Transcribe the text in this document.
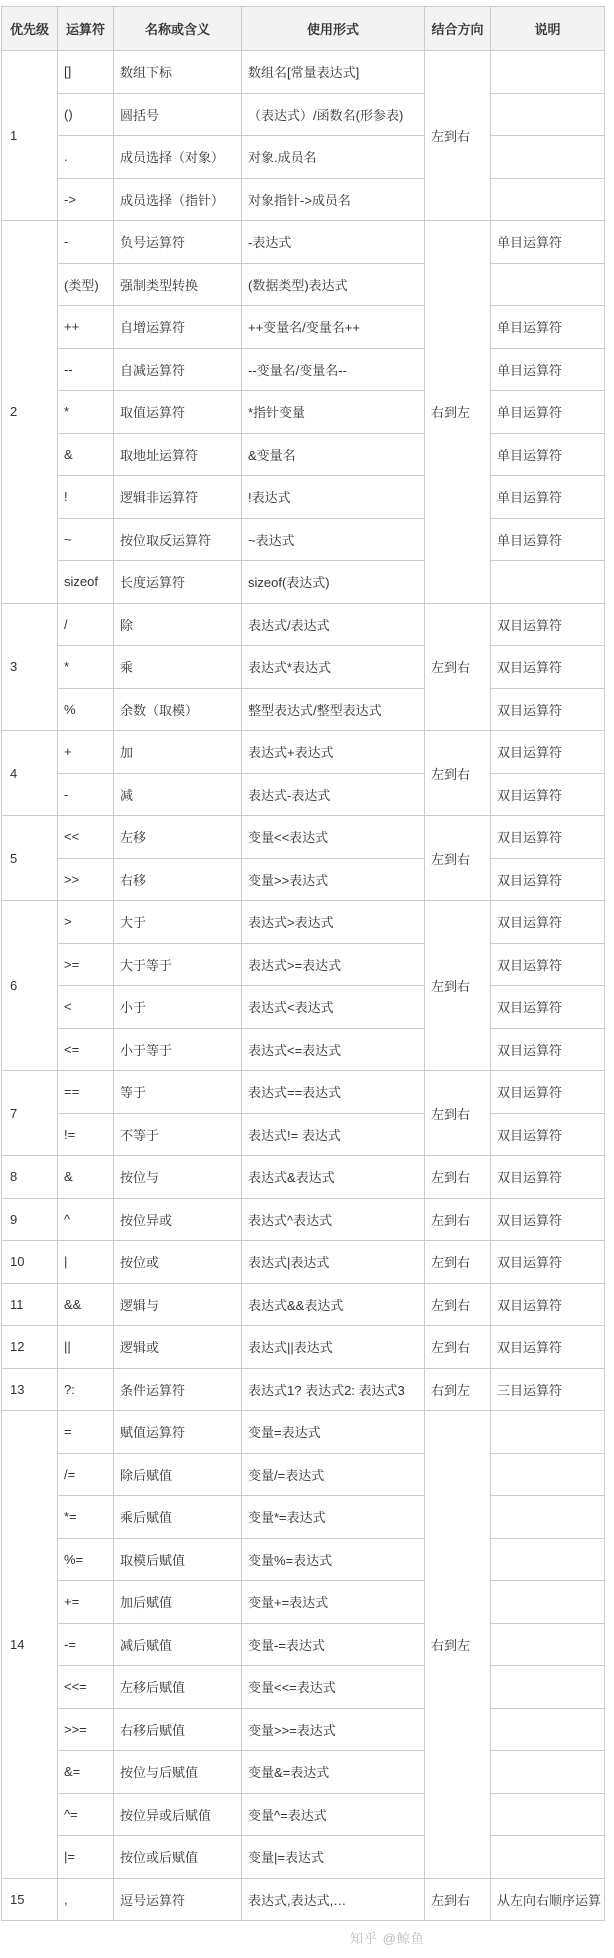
优先级	运算符	名称或含义	使用形式	结合方向	说明
1	[]	数组下标	数组名[常量表达式]	左到右	
	()	圆括号	（表达式）/函数名(形参表)		
	.	成员选择（对象）	对象.成员名		
	->	成员选择（指针）	对象指针->成员名		
2	-	负号运算符	-表达式	右到左	单目运算符
	(类型)	强制类型转换	(数据类型)表达式		
	++	自增运算符	++变量名/变量名++		单目运算符
	--	自减运算符	--变量名/变量名--		单目运算符
	*	取值运算符	*指针变量		单目运算符
	&	取地址运算符	&变量名		单目运算符
	!	逻辑非运算符	!表达式		单目运算符
	~	按位取反运算符	~表达式		单目运算符
	sizeof	长度运算符	sizeof(表达式)		
3	/	除	表达式/表达式	左到右	双目运算符
	*	乘	表达式*表达式		双目运算符
	%	余数（取模）	整型表达式/整型表达式		双目运算符
4	+	加	表达式+表达式	左到右	双目运算符
	-	减	表达式-表达式		双目运算符
5	<<	左移	变量<<表达式	左到右	双目运算符
	>>	右移	变量>>表达式		双目运算符
6	>	大于	表达式>表达式	左到右	双目运算符
	>=	大于等于	表达式>=表达式		双目运算符
	<	小于	表达式<表达式		双目运算符
	<=	小于等于	表达式<=表达式		双目运算符
7	==	等于	表达式==表达式	左到右	双目运算符
	!=	不等于	表达式!= 表达式		双目运算符
8	&	按位与	表达式&表达式	左到右	双目运算符
9	^	按位异或	表达式^表达式	左到右	双目运算符
10	|	按位或	表达式|表达式	左到右	双目运算符
11	&&	逻辑与	表达式&&表达式	左到右	双目运算符
12	||	逻辑或	表达式||表达式	左到右	双目运算符
13	?:	条件运算符	表达式1? 表达式2: 表达式3	右到左	三目运算符
14	=	赋值运算符	变量=表达式	右到左	
	/=	除后赋值	变量/=表达式		
	*=	乘后赋值	变量*=表达式		
	%=	取模后赋值	变量%=表达式		
	+=	加后赋值	变量+=表达式		
	-=	减后赋值	变量-=表达式		
	<<=	左移后赋值	变量<<=表达式		
	>>=	右移后赋值	变量>>=表达式		
	&=	按位与后赋值	变量&=表达式		
	^=	按位异或后赋值	变量^=表达式		
	|=	按位或后赋值	变量|=表达式		
15	,	逗号运算符	表达式,表达式,…	左到右	从左向右顺序运算
知乎 @鲸鱼
